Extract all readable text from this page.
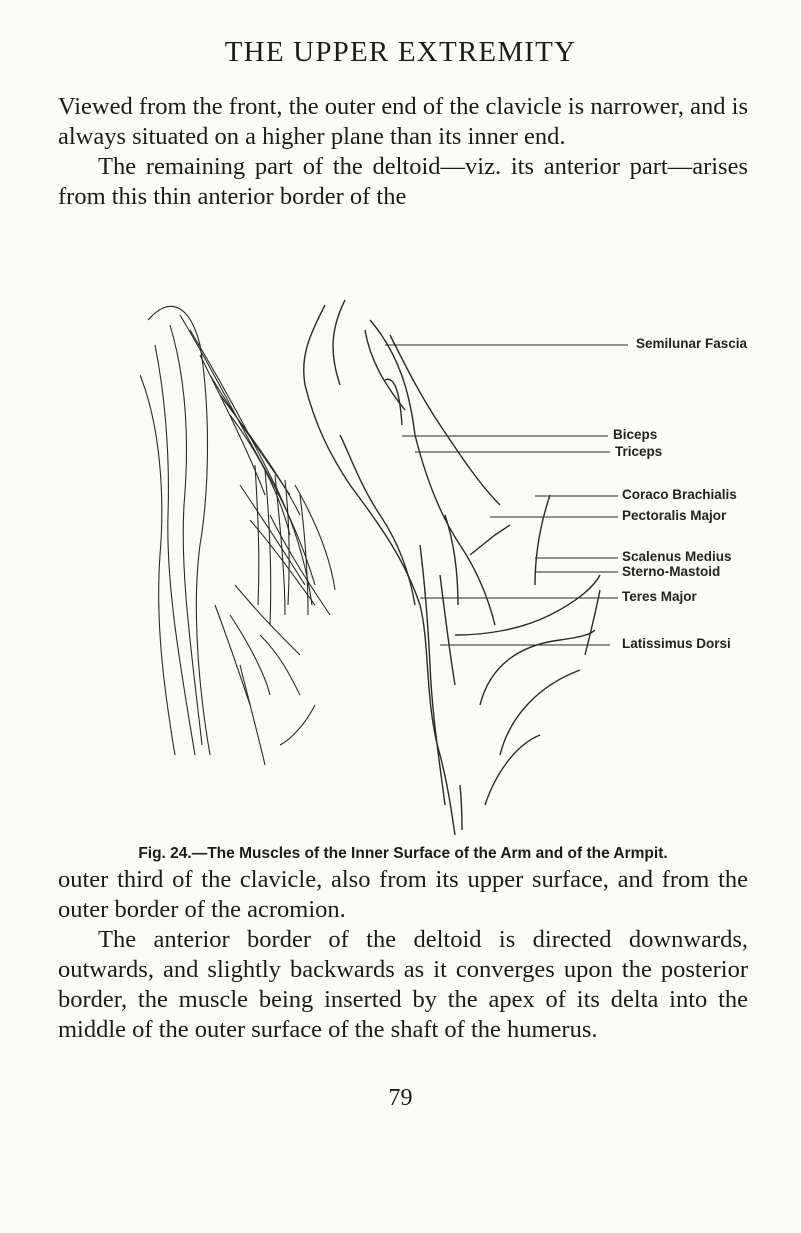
THE UPPER EXTREMITY
Viewed from the front, the outer end of the clavicle is narrower, and is always situated on a higher plane than its inner end.
The remaining part of the deltoid—viz. its anterior part—arises from this thin anterior border of the
Semilunar Fascia
Biceps
Triceps
Coraco Brachialis
Pectoralis Major
Scalenus Medius
Sterno-Mastoid
Teres Major
Latissimus Dorsi
Fig. 24.—The Muscles of the Inner Surface of the Arm and of the Armpit.
outer third of the clavicle, also from its upper surface, and from the outer border of the acromion.
The anterior border of the deltoid is directed downwards, outwards, and slightly backwards as it converges upon the posterior border, the muscle being inserted by the apex of its delta into the middle of the outer surface of the shaft of the humerus.
79
